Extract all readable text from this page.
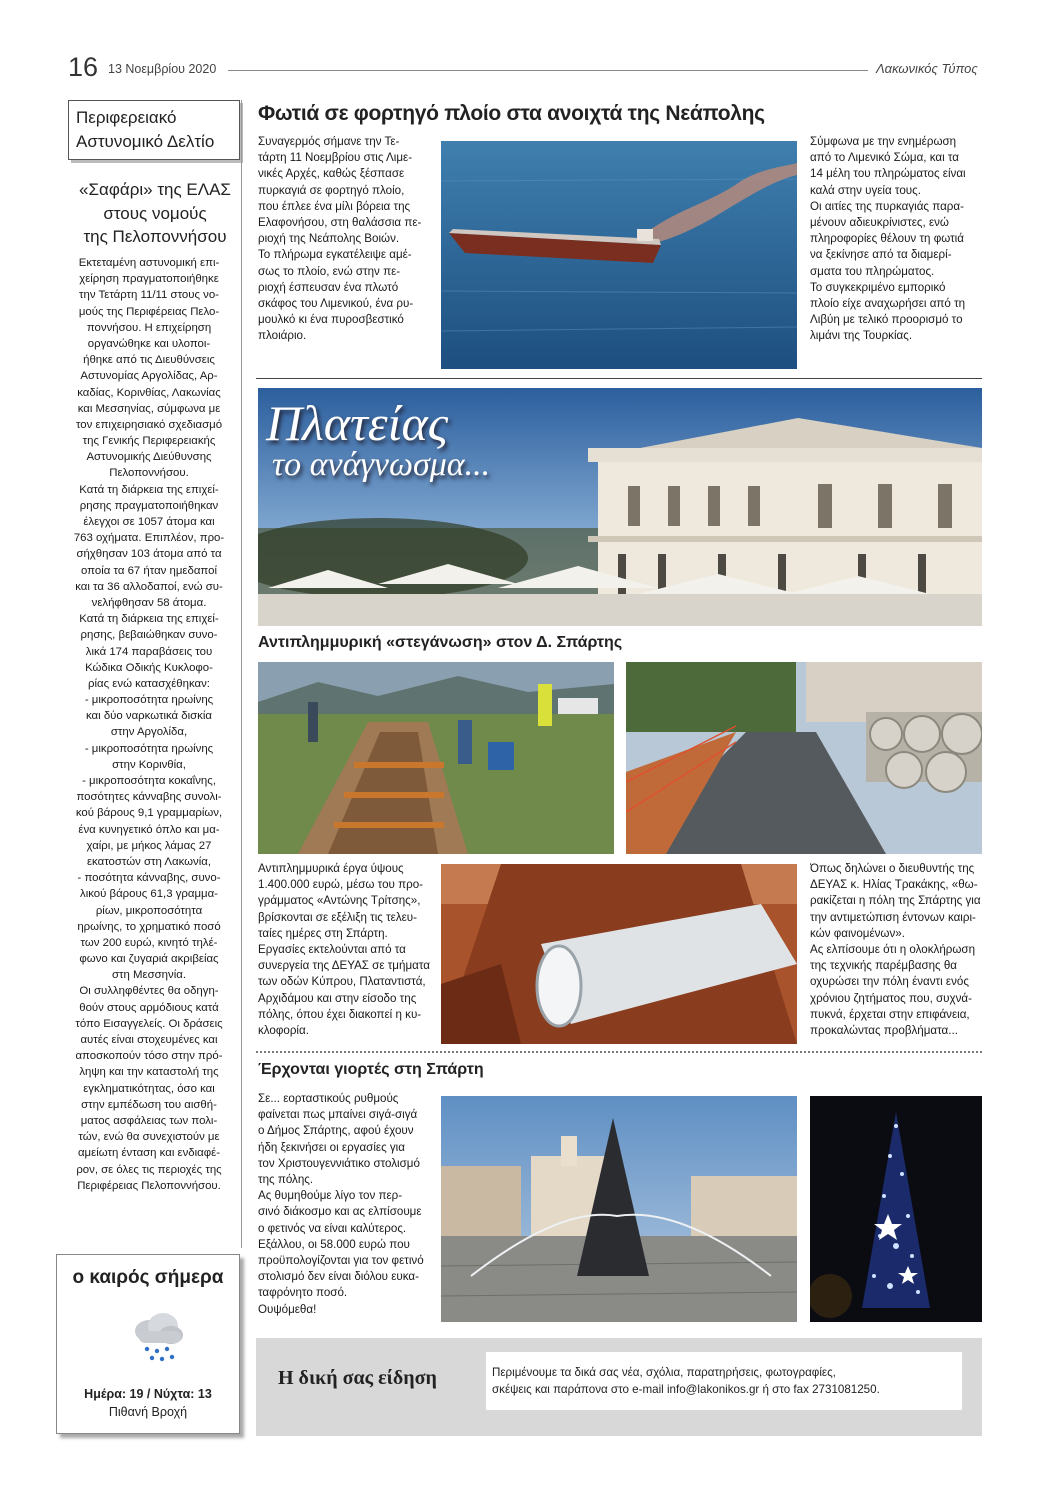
16 13 Νοεμβρίου 2020	Λακωνικός Τύπος
Περιφερειακό
Αστυνομικό Δελτίο
«Σαφάρι» της ΕΛΑΣ
στους νομούς
της Πελοποννήσου
Εκτεταμένη αστυνομική επι-
χείρηση πραγματοποιήθηκε
την Τετάρτη 11/11 στους νο-
μούς της Περιφέρειας Πελο-
ποννήσου. Η επιχείρηση
οργανώθηκε και υλοποι-
ήθηκε από τις Διευθύνσεις
Αστυνομίας Αργολίδας, Αρ-
καδίας, Κορινθίας, Λακωνίας
και Μεσσηνίας, σύμφωνα με
τον επιχειρησιακό σχεδιασμό
της Γενικής Περιφερειακής
Αστυνομικής Διεύθυνσης
Πελοποννήσου.
Κατά τη διάρκεια της επιχεί-
ρησης πραγματοποιήθηκαν
έλεγχοι σε 1057 άτομα και
763 οχήματα. Επιπλέον, προ-
σήχθησαν 103 άτομα από τα
οποία τα 67 ήταν ημεδαποί
και τα 36 αλλοδαποί, ενώ συ-
νελήφθησαν 58 άτομα.
Κατά τη διάρκεια της επιχεί-
ρησης, βεβαιώθηκαν συνο-
λικά 174 παραβάσεις του
Κώδικα Οδικής Κυκλοφο-
ρίας ενώ κατασχέθηκαν:
- μικροποσότητα ηρωίνης
και δύο ναρκωτικά δισκία
στην Αργολίδα,
- μικροποσότητα ηρωίνης
στην Κορινθία,
- μικροποσότητα κοκαΐνης,
ποσότητες κάνναβης συνολι-
κού βάρους 9,1 γραμμαρίων,
ένα κυνηγετικό όπλο και μα-
χαίρι, με μήκος λάμας 27
εκατοστών στη Λακωνία,
- ποσότητα κάνναβης, συνο-
λικού βάρους 61,3 γραμμα-
ρίων, μικροποσότητα
ηρωίνης, το χρηματικό ποσό
των 200 ευρώ, κινητό τηλέ-
φωνο και ζυγαριά ακριβείας
στη Μεσσηνία.
Οι συλληφθέντες θα οδηγη-
θούν στους αρμόδιους κατά
τόπο Εισαγγελείς. Οι δράσεις
αυτές είναι στοχευμένες και
αποσκοπούν τόσο στην πρό-
ληψη και την καταστολή της
εγκληματικότητας, όσο και
στην εμπέδωση του αισθή-
ματος ασφάλειας των πολι-
τών, ενώ θα συνεχιστούν με
αμείωτη ένταση και ενδιαφέ-
ρον, σε όλες τις περιοχές της
Περιφέρειας Πελοποννήσου.
ο καιρός σήμερα
Ημέρα: 19 / Νύχτα: 13
Πιθανή Βροχή
Φωτιά σε φορτηγό πλοίο στα ανοιχτά της Νεάπολης
Συναγερμός σήμανε την Τε-
τάρτη 11 Νοεμβρίου στις Λιμε-
νικές Αρχές, καθώς ξέσπασε
πυρκαγιά σε φορτηγό πλοίο,
που έπλεε ένα μίλι βόρεια της
Ελαφονήσου, στη θαλάσσια πε-
ριοχή της Νεάπολης Βοιών.
Το πλήρωμα εγκατέλειψε αμέ-
σως το πλοίο, ενώ στην πε-
ριοχή έσπευσαν ένα πλωτό
σκάφος του Λιμενικού, ένα ρυ-
μουλκό κι ένα πυροσβεστικό
πλοιάριο.
Σύμφωνα με την ενημέρωση
από το Λιμενικό Σώμα, και τα
14 μέλη του πληρώματος είναι
καλά στην υγεία τους.
Οι αιτίες της πυρκαγιάς παρα-
μένουν αδιευκρίνιστες, ενώ
πληροφορίες θέλουν τη φωτιά
να ξεκίνησε από τα διαμερί-
σματα του πληρώματος.
Το συγκεκριμένο εμπορικό
πλοίο είχε αναχωρήσει από τη
Λιβύη με τελικό προορισμό το
λιμάνι της Τουρκίας.
Πλατείας
το ανάγνωσμα...
Αντιπλημμυρική «στεγάνωση» στον Δ. Σπάρτης
Αντιπλημμυρικά έργα ύψους
1.400.000 ευρώ, μέσω του προ-
γράμματος «Αντώνης Τρίτσης»,
βρίσκονται σε εξέλιξη τις τελευ-
ταίες ημέρες στη Σπάρτη.
Εργασίες εκτελούνται από τα
συνεργεία της ΔΕΥΑΣ σε τμήματα
των οδών Κύπρου, Πλαταντιστά,
Αρχιδάμου και στην είσοδο της
πόλης, όπου έχει διακοπεί η κυ-
κλοφορία.
Όπως δηλώνει ο διευθυντής της
ΔΕΥΑΣ κ. Ηλίας Τρακάκης, «θω-
ρακίζεται η πόλη της Σπάρτης για
την αντιμετώπιση έντονων καιρι-
κών φαινομένων».
Ας ελπίσουμε ότι η ολοκλήρωση
της τεχνικής παρέμβασης θα
οχυρώσει την πόλη έναντι ενός
χρόνιου ζητήματος που, συχνά-
πυκνά, έρχεται στην επιφάνεια,
προκαλώντας προβλήματα...
Έρχονται γιορτές στη Σπάρτη
Σε... εορταστικούς ρυθμούς
φαίνεται πως μπαίνει σιγά-σιγά
ο Δήμος Σπάρτης, αφού έχουν
ήδη ξεκινήσει οι εργασίες για
τον Χριστουγεννιάτικο στολισμό
της πόλης.
Ας θυμηθούμε λίγο τον περ-
σινό διάκοσμο και ας ελπίσουμε
ο φετινός να είναι καλύτερος.
Εξάλλου, οι 58.000 ευρώ που
προϋπολογίζονται για τον φετινό
στολισμό δεν είναι διόλου ευκα-
ταφρόνητο ποσό.
Ουψόμεθα!
Η δική σας είδηση	Περιμένουμε τα δικά σας νέα, σχόλια, παρατηρήσεις, φωτογραφίες,
σκέψεις και παράπονα στο e-mail info@lakonikos.gr ή στο fax 2731081250.
